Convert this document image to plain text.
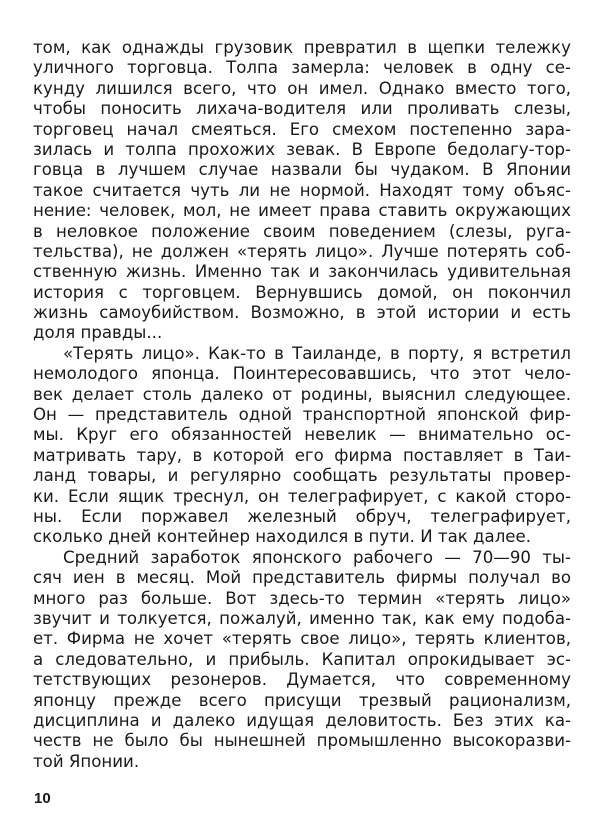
том, как однажды грузовик превратил в щепки тележку
уличного торговца. Толпа замерла: человек в одну се-
кунду лишился всего, что он имел. Однако вместо того,
чтобы поносить лихача-водителя или проливать слезы,
торговец начал смеяться. Его смехом постепенно зара-
зилась и толпа прохожих зевак. В Европе бедолагу-тор-
говца в лучшем случае назвали бы чудаком. В Японии
такое считается чуть ли не нормой. Находят тому объяс-
нение: человек, мол, не имеет права ставить окружающих
в неловкое положение своим поведением (слезы, руга-
тельства), не должен «терять лицо». Лучше потерять соб-
ственную жизнь. Именно так и закончилась удивительная
история с торговцем. Вернувшись домой, он покончил
жизнь самоубийством. Возможно, в этой истории и есть
доля правды...
«Терять лицо». Как-то в Таиланде, в порту, я встретил
немолодого японца. Поинтересовавшись, что этот чело-
век делает столь далеко от родины, выяснил следующее.
Он — представитель одной транспортной японской фир-
мы. Круг его обязанностей невелик — внимательно ос-
матривать тару, в которой его фирма поставляет в Таи-
ланд товары, и регулярно сообщать результаты провер-
ки. Если ящик треснул, он телеграфирует, с какой сторо-
ны. Если поржавел железный обруч, телеграфирует,
сколько дней контейнер находился в пути. И так далее.
Средний заработок японского рабочего — 70—90 ты-
сяч иен в месяц. Мой представитель фирмы получал во
много раз больше. Вот здесь-то термин «терять лицо»
звучит и толкуется, пожалуй, именно так, как ему подоба-
ет. Фирма не хочет «терять свое лицо», терять клиентов,
а следовательно, и прибыль. Капитал опрокидывает эс-
тетствующих резонеров. Думается, что современному
японцу прежде всего присущи трезвый рационализм,
дисциплина и далеко идущая деловитость. Без этих ка-
честв не было бы нынешней промышленно высокоразви-
той Японии.
10
